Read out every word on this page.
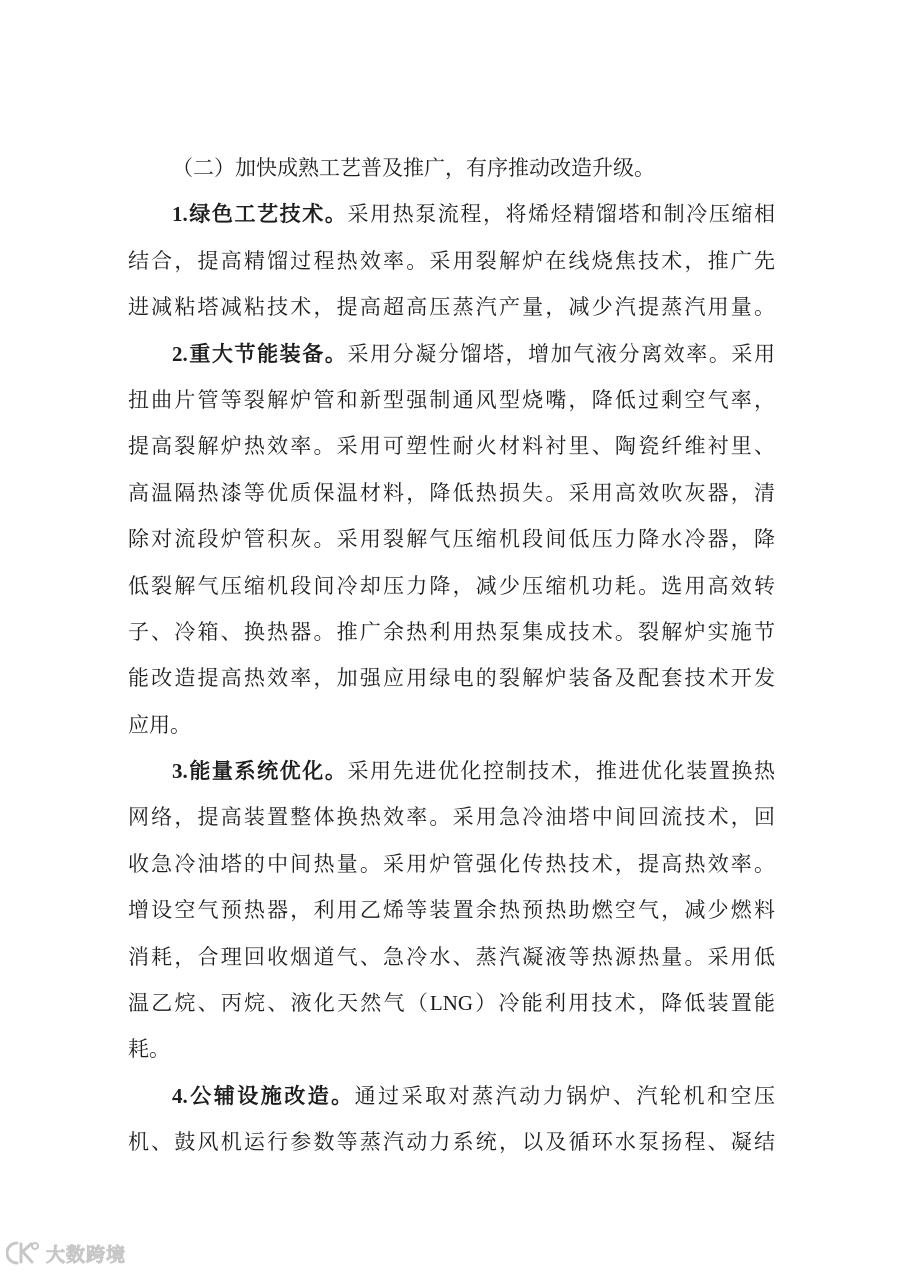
（二）加快成熟工艺普及推广，有序推动改造升级。
1.绿色工艺技术。采用热泵流程，将烯烃精馏塔和制冷压缩相
结合，提高精馏过程热效率。采用裂解炉在线烧焦技术，推广先
进减粘塔减粘技术，提高超高压蒸汽产量，减少汽提蒸汽用量。
2.重大节能装备。采用分凝分馏塔，增加气液分离效率。采用
扭曲片管等裂解炉管和新型强制通风型烧嘴，降低过剩空气率，
提高裂解炉热效率。采用可塑性耐火材料衬里、陶瓷纤维衬里、
高温隔热漆等优质保温材料，降低热损失。采用高效吹灰器，清
除对流段炉管积灰。采用裂解气压缩机段间低压力降水冷器，降
低裂解气压缩机段间冷却压力降，减少压缩机功耗。选用高效转
子、冷箱、换热器。推广余热利用热泵集成技术。裂解炉实施节
能改造提高热效率，加强应用绿电的裂解炉装备及配套技术开发
应用。
3.能量系统优化。采用先进优化控制技术，推进优化装置换热
网络，提高装置整体换热效率。采用急冷油塔中间回流技术，回
收急冷油塔的中间热量。采用炉管强化传热技术，提高热效率。
增设空气预热器，利用乙烯等装置余热预热助燃空气，减少燃料
消耗，合理回收烟道气、急冷水、蒸汽凝液等热源热量。采用低
温乙烷、丙烷、液化天然气（LNG）冷能利用技术，降低装置能
耗。
4.公辅设施改造。通过采取对蒸汽动力锅炉、汽轮机和空压
机、鼓风机运行参数等蒸汽动力系统，以及循环水泵扬程、凝结
大数跨境
